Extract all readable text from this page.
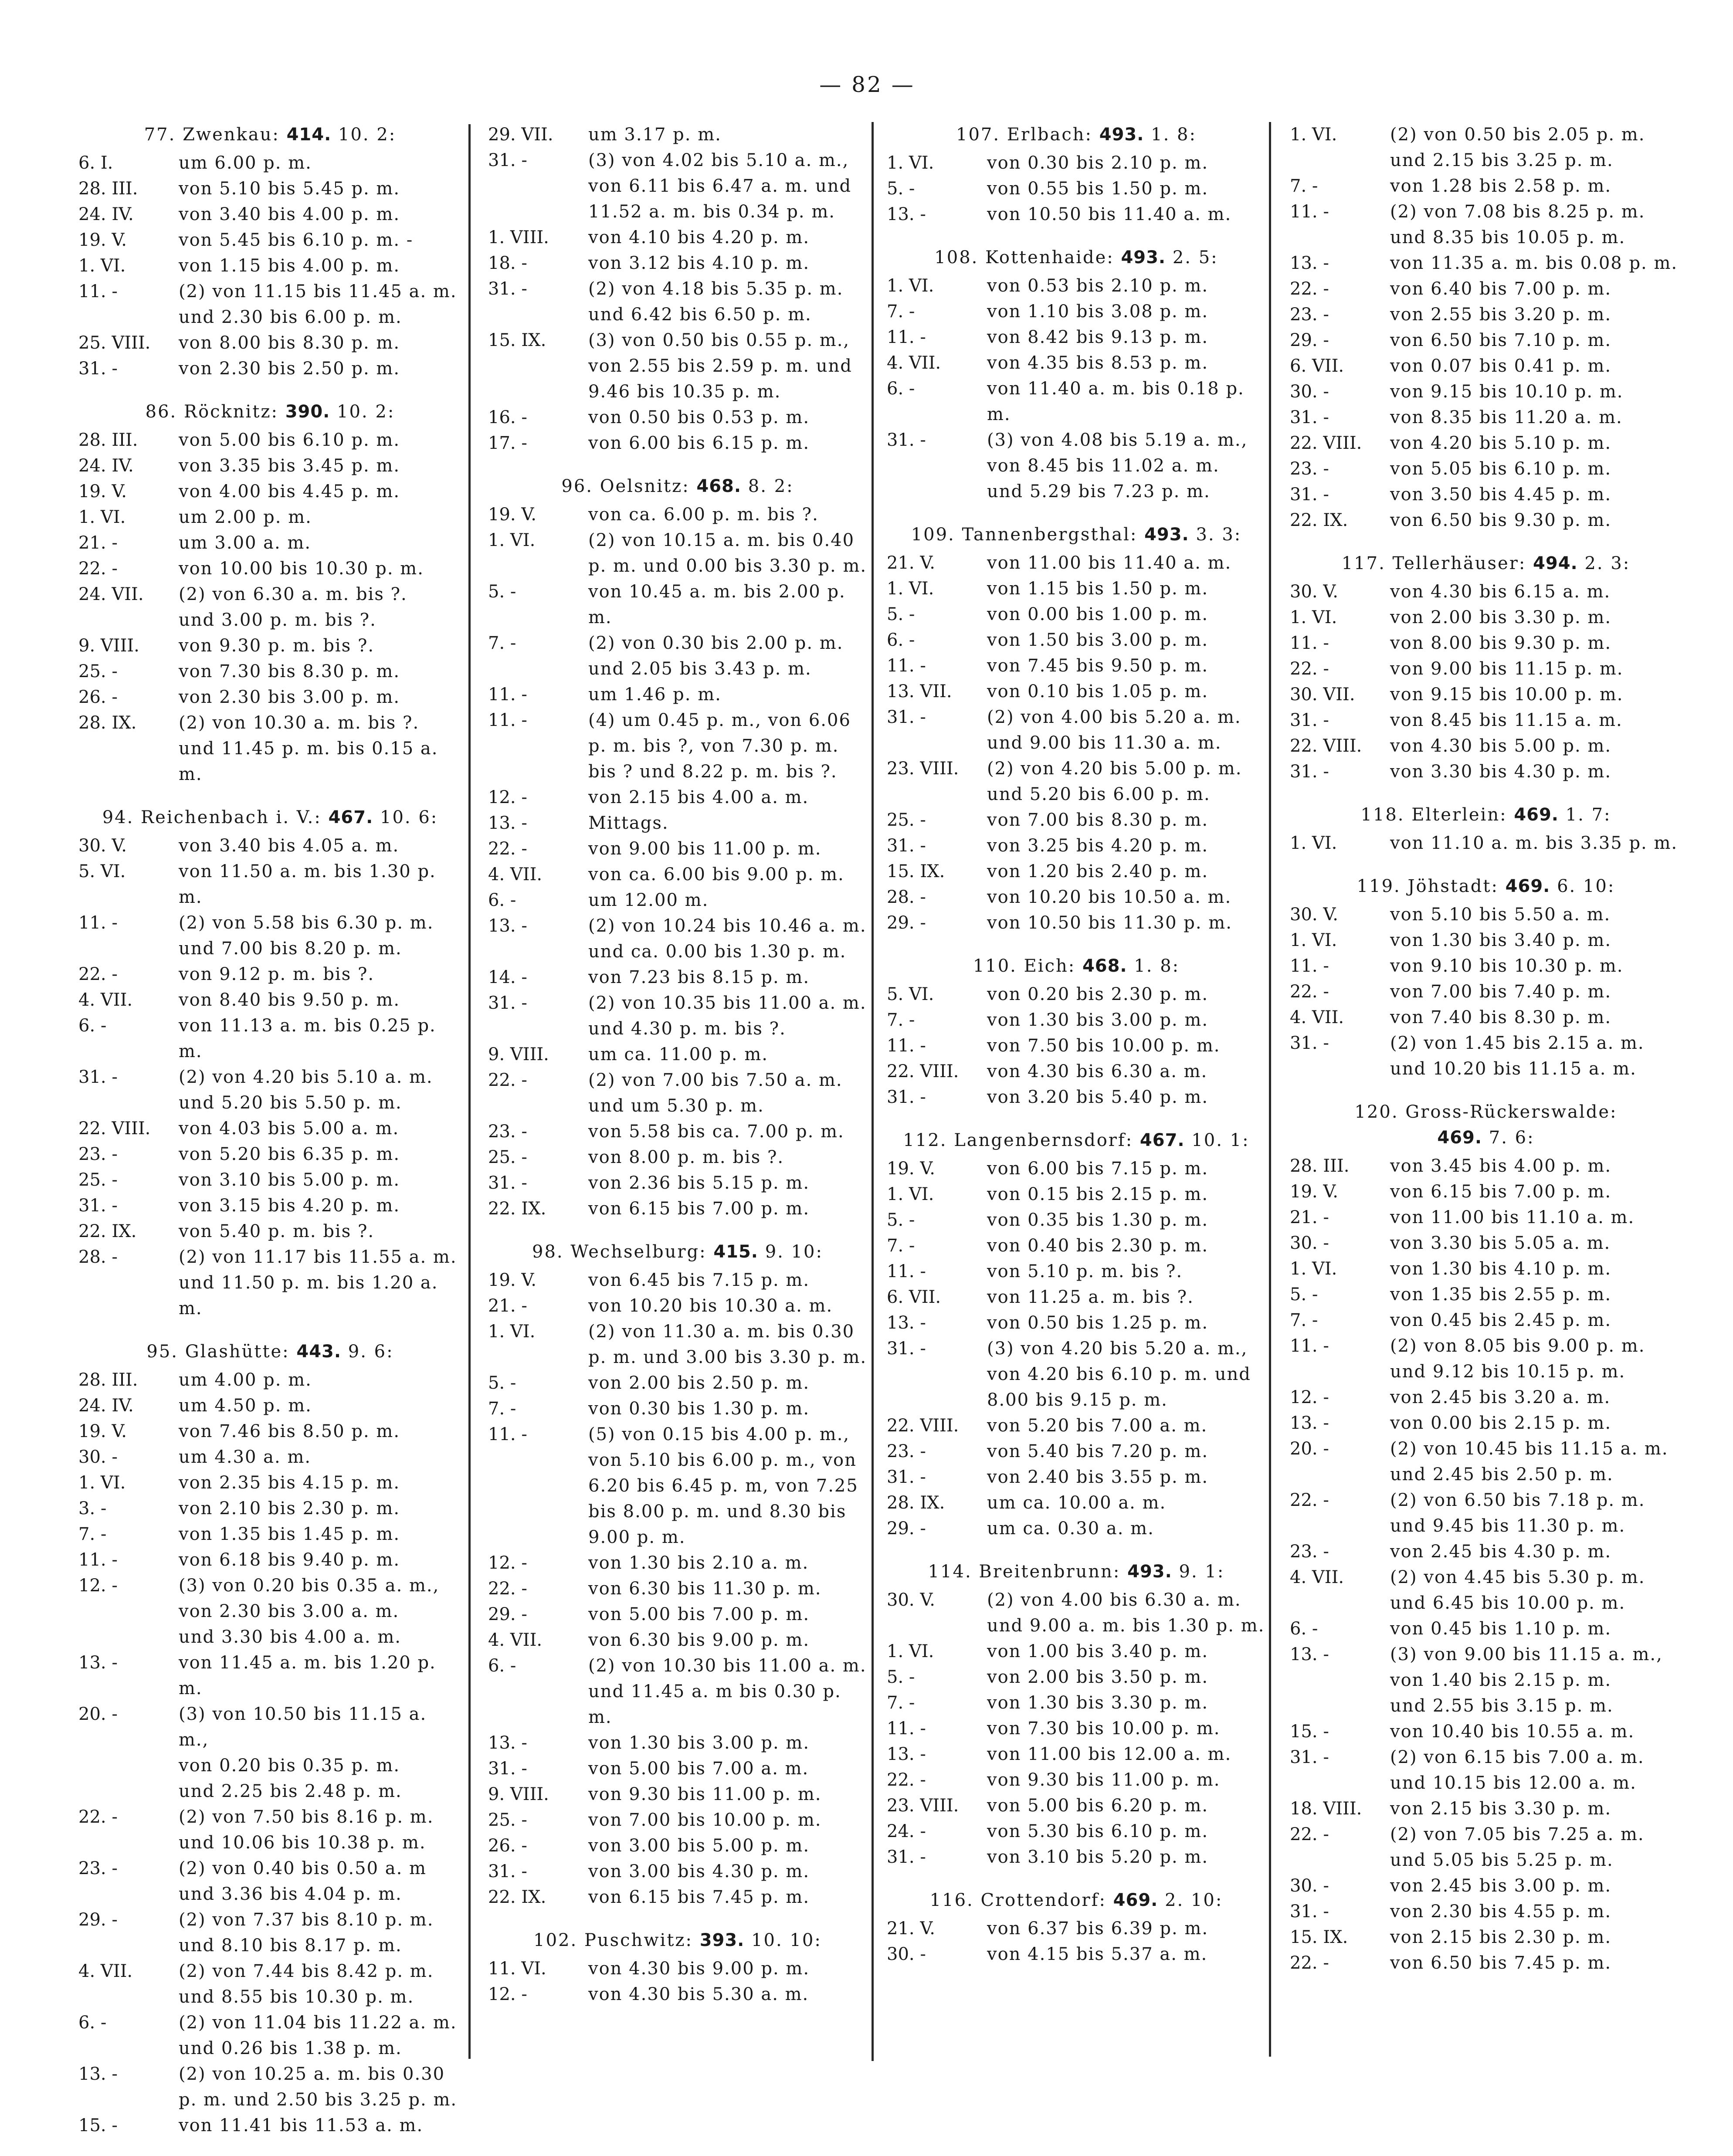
— 82 —
77. Zwenkau: 414. 10. 2:
6. I.	um 6.00 p. m.
28. III.	von 5.10 bis 5.45 p. m.
24. IV.	von 3.40 bis 4.00 p. m.
19. V.	von 5.45 bis 6.10 p. m. -
1. VI.	von 1.15 bis 4.00 p. m.
11. -	(2) von 11.15 bis 11.45 a. m.
und 2.30 bis 6.00 p. m.
25. VIII.	von 8.00 bis 8.30 p. m.
31. -	von 2.30 bis 2.50 p. m.
86. Röcknitz: 390. 10. 2:
28. III.	von 5.00 bis 6.10 p. m.
24. IV.	von 3.35 bis 3.45 p. m.
19. V.	von 4.00 bis 4.45 p. m.
1. VI.	um 2.00 p. m.
21. -	um 3.00 a. m.
22. -	von 10.00 bis 10.30 p. m.
24. VII.	(2) von 6.30 a. m. bis ?.
und 3.00 p. m. bis ?.
9. VIII.	von 9.30 p. m. bis ?.
25. -	von 7.30 bis 8.30 p. m.
26. -	von 2.30 bis 3.00 p. m.
28. IX.	(2) von 10.30 a. m. bis ?.
und 11.45 p. m. bis 0.15 a. m.
94. Reichenbach i. V.: 467. 10. 6:
30. V.	von 3.40 bis 4.05 a. m.
5. VI.	von 11.50 a. m. bis 1.30 p. m.
11. -	(2) von 5.58 bis 6.30 p. m.
und 7.00 bis 8.20 p. m.
22. -	von 9.12 p. m. bis ?.
4. VII.	von 8.40 bis 9.50 p. m.
6. -	von 11.13 a. m. bis 0.25 p. m.
31. -	(2) von 4.20 bis 5.10 a. m.
und 5.20 bis 5.50 p. m.
22. VIII.	von 4.03 bis 5.00 a. m.
23. -	von 5.20 bis 6.35 p. m.
25. -	von 3.10 bis 5.00 p. m.
31. -	von 3.15 bis 4.20 p. m.
22. IX.	von 5.40 p. m. bis ?.
28. -	(2) von 11.17 bis 11.55 a. m.
und 11.50 p. m. bis 1.20 a. m.
95. Glashütte: 443. 9. 6:
28. III.	um 4.00 p. m.
24. IV.	um 4.50 p. m.
19. V.	von 7.46 bis 8.50 p. m.
30. -	um 4.30 a. m.
1. VI.	von 2.35 bis 4.15 p. m.
3. -	von 2.10 bis 2.30 p. m.
7. -	von 1.35 bis 1.45 p. m.
11. -	von 6.18 bis 9.40 p. m.
12. -	(3) von 0.20 bis 0.35 a. m.,
von 2.30 bis 3.00 a. m.
und 3.30 bis 4.00 a. m.
13. -	von 11.45 a. m. bis 1.20 p. m.
20. -	(3) von 10.50 bis 11.15 a. m.,
von 0.20 bis 0.35 p. m.
und 2.25 bis 2.48 p. m.
22. -	(2) von 7.50 bis 8.16 p. m.
und 10.06 bis 10.38 p. m.
23. -	(2) von 0.40 bis 0.50 a. m
und 3.36 bis 4.04 p. m.
29. -	(2) von 7.37 bis 8.10 p. m.
und 8.10 bis 8.17 p. m.
4. VII.	(2) von 7.44 bis 8.42 p. m.
und 8.55 bis 10.30 p. m.
6. -	(2) von 11.04 bis 11.22 a. m.
und 0.26 bis 1.38 p. m.
13. -	(2) von 10.25 a. m. bis 0.30
p. m. und 2.50 bis 3.25 p. m.
15. -	von 11.41 bis 11.53 a. m.
29. VII.	um 3.17 p. m.
31. -	(3) von 4.02 bis 5.10 a. m.,
von 6.11 bis 6.47 a. m. und
11.52 a. m. bis 0.34 p. m.
1. VIII.	von 4.10 bis 4.20 p. m.
18. -	von 3.12 bis 4.10 p. m.
31. -	(2) von 4.18 bis 5.35 p. m.
und 6.42 bis 6.50 p. m.
15. IX.	(3) von 0.50 bis 0.55 p. m.,
von 2.55 bis 2.59 p. m. und
9.46 bis 10.35 p. m.
16. -	von 0.50 bis 0.53 p. m.
17. -	von 6.00 bis 6.15 p. m.
96. Oelsnitz: 468. 8. 2:
19. V.	von ca. 6.00 p. m. bis ?.
1. VI.	(2) von 10.15 a. m. bis 0.40
p. m. und 0.00 bis 3.30 p. m.
5. -	von 10.45 a. m. bis 2.00 p. m.
7. -	(2) von 0.30 bis 2.00 p. m.
und 2.05 bis 3.43 p. m.
11. -	um 1.46 p. m.
11. -	(4) um 0.45 p. m., von 6.06
p. m. bis ?, von 7.30 p. m.
bis ? und 8.22 p. m. bis ?.
12. -	von 2.15 bis 4.00 a. m.
13. -	Mittags.
22. -	von 9.00 bis 11.00 p. m.
4. VII.	von ca. 6.00 bis 9.00 p. m.
6. -	um 12.00 m.
13. -	(2) von 10.24 bis 10.46 a. m.
und ca. 0.00 bis 1.30 p. m.
14. -	von 7.23 bis 8.15 p. m.
31. -	(2) von 10.35 bis 11.00 a. m.
und 4.30 p. m. bis ?.
9. VIII.	um ca. 11.00 p. m.
22. -	(2) von 7.00 bis 7.50 a. m.
und um 5.30 p. m.
23. -	von 5.58 bis ca. 7.00 p. m.
25. -	von 8.00 p. m. bis ?.
31. -	von 2.36 bis 5.15 p. m.
22. IX.	von 6.15 bis 7.00 p. m.
98. Wechselburg: 415. 9. 10:
19. V.	von 6.45 bis 7.15 p. m.
21. -	von 10.20 bis 10.30 a. m.
1. VI.	(2) von 11.30 a. m. bis 0.30
p. m. und 3.00 bis 3.30 p. m.
5. -	von 2.00 bis 2.50 p. m.
7. -	von 0.30 bis 1.30 p. m.
11. -	(5) von 0.15 bis 4.00 p. m.,
von 5.10 bis 6.00 p. m., von
6.20 bis 6.45 p. m, von 7.25
bis 8.00 p. m. und 8.30 bis
9.00 p. m.
12. -	von 1.30 bis 2.10 a. m.
22. -	von 6.30 bis 11.30 p. m.
29. -	von 5.00 bis 7.00 p. m.
4. VII.	von 6.30 bis 9.00 p. m.
6. -	(2) von 10.30 bis 11.00 a. m.
und 11.45 a. m bis 0.30 p. m.
13. -	von 1.30 bis 3.00 p. m.
31. -	von 5.00 bis 7.00 a. m.
9. VIII.	von 9.30 bis 11.00 p. m.
25. -	von 7.00 bis 10.00 p. m.
26. -	von 3.00 bis 5.00 p. m.
31. -	von 3.00 bis 4.30 p. m.
22. IX.	von 6.15 bis 7.45 p. m.
102. Puschwitz: 393. 10. 10:
11. VI.	von 4.30 bis 9.00 p. m.
12. -	von 4.30 bis 5.30 a. m.
107. Erlbach: 493. 1. 8:
1. VI.	von 0.30 bis 2.10 p. m.
5. -	von 0.55 bis 1.50 p. m.
13. -	von 10.50 bis 11.40 a. m.
108. Kottenhaide: 493. 2. 5:
1. VI.	von 0.53 bis 2.10 p. m.
7. -	von 1.10 bis 3.08 p. m.
11. -	von 8.42 bis 9.13 p. m.
4. VII.	von 4.35 bis 8.53 p. m.
6. -	von 11.40 a. m. bis 0.18 p. m.
31. -	(3) von 4.08 bis 5.19 a. m.,
von 8.45 bis 11.02 a. m.
und 5.29 bis 7.23 p. m.
109. Tannenbergsthal: 493. 3. 3:
21. V.	von 11.00 bis 11.40 a. m.
1. VI.	von 1.15 bis 1.50 p. m.
5. -	von 0.00 bis 1.00 p. m.
6. -	von 1.50 bis 3.00 p. m.
11. -	von 7.45 bis 9.50 p. m.
13. VII.	von 0.10 bis 1.05 p. m.
31. -	(2) von 4.00 bis 5.20 a. m.
und 9.00 bis 11.30 a. m.
23. VIII.	(2) von 4.20 bis 5.00 p. m.
und 5.20 bis 6.00 p. m.
25. -	von 7.00 bis 8.30 p. m.
31. -	von 3.25 bis 4.20 p. m.
15. IX.	von 1.20 bis 2.40 p. m.
28. -	von 10.20 bis 10.50 a. m.
29. -	von 10.50 bis 11.30 p. m.
110. Eich: 468. 1. 8:
5. VI.	von 0.20 bis 2.30 p. m.
7. -	von 1.30 bis 3.00 p. m.
11. -	von 7.50 bis 10.00 p. m.
22. VIII.	von 4.30 bis 6.30 a. m.
31. -	von 3.20 bis 5.40 p. m.
112. Langenbernsdorf: 467. 10. 1:
19. V.	von 6.00 bis 7.15 p. m.
1. VI.	von 0.15 bis 2.15 p. m.
5. -	von 0.35 bis 1.30 p. m.
7. -	von 0.40 bis 2.30 p. m.
11. -	von 5.10 p. m. bis ?.
6. VII.	von 11.25 a. m. bis ?.
13. -	von 0.50 bis 1.25 p. m.
31. -	(3) von 4.20 bis 5.20 a. m.,
von 4.20 bis 6.10 p. m. und
8.00 bis 9.15 p. m.
22. VIII.	von 5.20 bis 7.00 a. m.
23. -	von 5.40 bis 7.20 p. m.
31. -	von 2.40 bis 3.55 p. m.
28. IX.	um ca. 10.00 a. m.
29. -	um ca. 0.30 a. m.
114. Breitenbrunn: 493. 9. 1:
30. V.	(2) von 4.00 bis 6.30 a. m.
und 9.00 a. m. bis 1.30 p. m.
1. VI.	von 1.00 bis 3.40 p. m.
5. -	von 2.00 bis 3.50 p. m.
7. -	von 1.30 bis 3.30 p. m.
11. -	von 7.30 bis 10.00 p. m.
13. -	von 11.00 bis 12.00 a. m.
22. -	von 9.30 bis 11.00 p. m.
23. VIII.	von 5.00 bis 6.20 p. m.
24. -	von 5.30 bis 6.10 p. m.
31. -	von 3.10 bis 5.20 p. m.
116. Crottendorf: 469. 2. 10:
21. V.	von 6.37 bis 6.39 p. m.
30. -	von 4.15 bis 5.37 a. m.
1. VI.	(2) von 0.50 bis 2.05 p. m.
und 2.15 bis 3.25 p. m.
7. -	von 1.28 bis 2.58 p. m.
11. -	(2) von 7.08 bis 8.25 p. m.
und 8.35 bis 10.05 p. m.
13. -	von 11.35 a. m. bis 0.08 p. m.
22. -	von 6.40 bis 7.00 p. m.
23. -	von 2.55 bis 3.20 p. m.
29. -	von 6.50 bis 7.10 p. m.
6. VII.	von 0.07 bis 0.41 p. m.
30. -	von 9.15 bis 10.10 p. m.
31. -	von 8.35 bis 11.20 a. m.
22. VIII.	von 4.20 bis 5.10 p. m.
23. -	von 5.05 bis 6.10 p. m.
31. -	von 3.50 bis 4.45 p. m.
22. IX.	von 6.50 bis 9.30 p. m.
117. Tellerhäuser: 494. 2. 3:
30. V.	von 4.30 bis 6.15 a. m.
1. VI.	von 2.00 bis 3.30 p. m.
11. -	von 8.00 bis 9.30 p. m.
22. -	von 9.00 bis 11.15 p. m.
30. VII.	von 9.15 bis 10.00 p. m.
31. -	von 8.45 bis 11.15 a. m.
22. VIII.	von 4.30 bis 5.00 p. m.
31. -	von 3.30 bis 4.30 p. m.
118. Elterlein: 469. 1. 7:
1. VI.	von 11.10 a. m. bis 3.35 p. m.
119. Jöhstadt: 469. 6. 10:
30. V.	von 5.10 bis 5.50 a. m.
1. VI.	von 1.30 bis 3.40 p. m.
11. -	von 9.10 bis 10.30 p. m.
22. -	von 7.00 bis 7.40 p. m.
4. VII.	von 7.40 bis 8.30 p. m.
31. -	(2) von 1.45 bis 2.15 a. m.
und 10.20 bis 11.15 a. m.
120. Gross-Rückerswalde:
469. 7. 6:
28. III.	von 3.45 bis 4.00 p. m.
19. V.	von 6.15 bis 7.00 p. m.
21. -	von 11.00 bis 11.10 a. m.
30. -	von 3.30 bis 5.05 a. m.
1. VI.	von 1.30 bis 4.10 p. m.
5. -	von 1.35 bis 2.55 p. m.
7. -	von 0.45 bis 2.45 p. m.
11. -	(2) von 8.05 bis 9.00 p. m.
und 9.12 bis 10.15 p. m.
12. -	von 2.45 bis 3.20 a. m.
13. -	von 0.00 bis 2.15 p. m.
20. -	(2) von 10.45 bis 11.15 a. m.
und 2.45 bis 2.50 p. m.
22. -	(2) von 6.50 bis 7.18 p. m.
und 9.45 bis 11.30 p. m.
23. -	von 2.45 bis 4.30 p. m.
4. VII.	(2) von 4.45 bis 5.30 p. m.
und 6.45 bis 10.00 p. m.
6. -	von 0.45 bis 1.10 p. m.
13. -	(3) von 9.00 bis 11.15 a. m.,
von 1.40 bis 2.15 p. m.
und 2.55 bis 3.15 p. m.
15. -	von 10.40 bis 10.55 a. m.
31. -	(2) von 6.15 bis 7.00 a. m.
und 10.15 bis 12.00 a. m.
18. VIII.	von 2.15 bis 3.30 p. m.
22. -	(2) von 7.05 bis 7.25 a. m.
und 5.05 bis 5.25 p. m.
30. -	von 2.45 bis 3.00 p. m.
31. -	von 2.30 bis 4.55 p. m.
15. IX.	von 2.15 bis 2.30 p. m.
22. -	von 6.50 bis 7.45 p. m.
